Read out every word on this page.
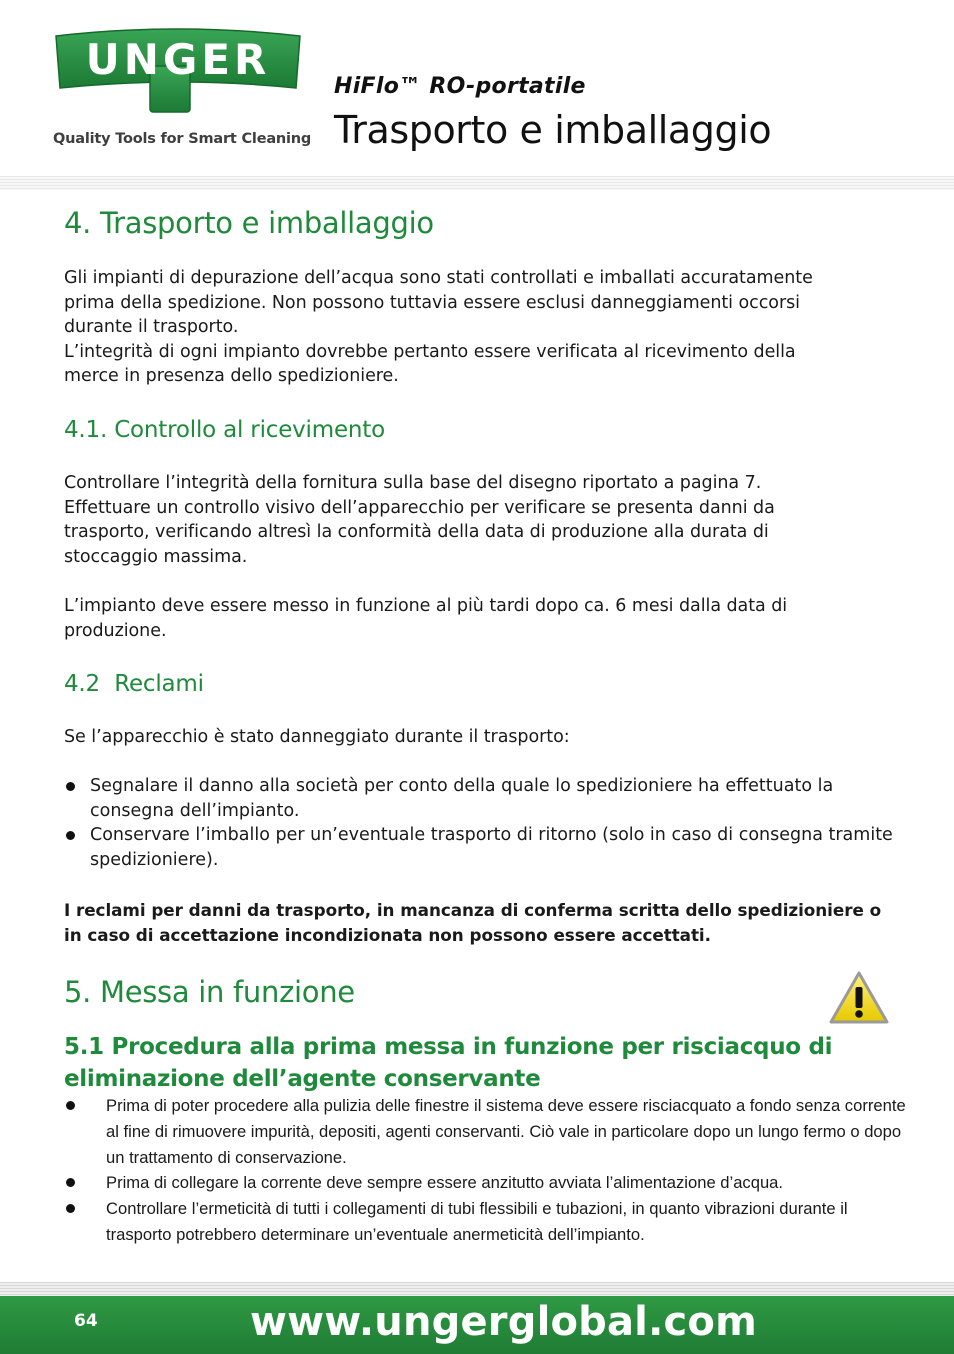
UNGER
Quality Tools for Smart Cleaning
HiFlo™ RO-portatile
Trasporto e imballaggio
4. Trasporto e imballaggio
Gli impianti di depurazione dell’acqua sono stati controllati e imballati accuratamente
prima della spedizione. Non possono tuttavia essere esclusi danneggiamenti occorsi
durante il trasporto.
L’integrità di ogni impianto dovrebbe pertanto essere verificata al ricevimento della
merce in presenza dello spedizioniere.
4.1. Controllo al ricevimento
Controllare l’integrità della fornitura sulla base del disegno riportato a pagina 7.
Effettuare un controllo visivo dell’apparecchio per verificare se presenta danni da
trasporto, verificando altresì la conformità della data di produzione alla durata di
stoccaggio massima.
L’impianto deve essere messo in funzione al più tardi dopo ca. 6 mesi dalla data di
produzione.
4.2  Reclami
Se l’apparecchio è stato danneggiato durante il trasporto:
Segnalare il danno alla società per conto della quale lo spedizioniere ha effettuato la consegna dell’impianto.
Conservare l’imballo per un’eventuale trasporto di ritorno (solo in caso di consegna tramite spedizioniere).
I reclami per danni da trasporto, in mancanza di conferma scritta dello spedizioniere o
in caso di accettazione incondizionata non possono essere accettati.
5. Messa in funzione
5.1 Procedura alla prima messa in funzione per risciacquo di
eliminazione dell’agente conservante
Prima di poter procedere alla pulizia delle finestre il sistema deve essere risciacquato a fondo senza corrente al fine di rimuovere impurità, depositi, agenti conservanti. Ciò vale in particolare dopo un lungo fermo o dopo un trattamento di conservazione.
Prima di collegare la corrente deve sempre essere anzitutto avviata l’alimentazione d’acqua.
Controllare l’ermeticità di tutti i collegamenti di tubi flessibili e tubazioni, in quanto vibrazioni durante il trasporto potrebbero determinare un’eventuale anermeticità dell’impianto.
64	www.ungerglobal.com
